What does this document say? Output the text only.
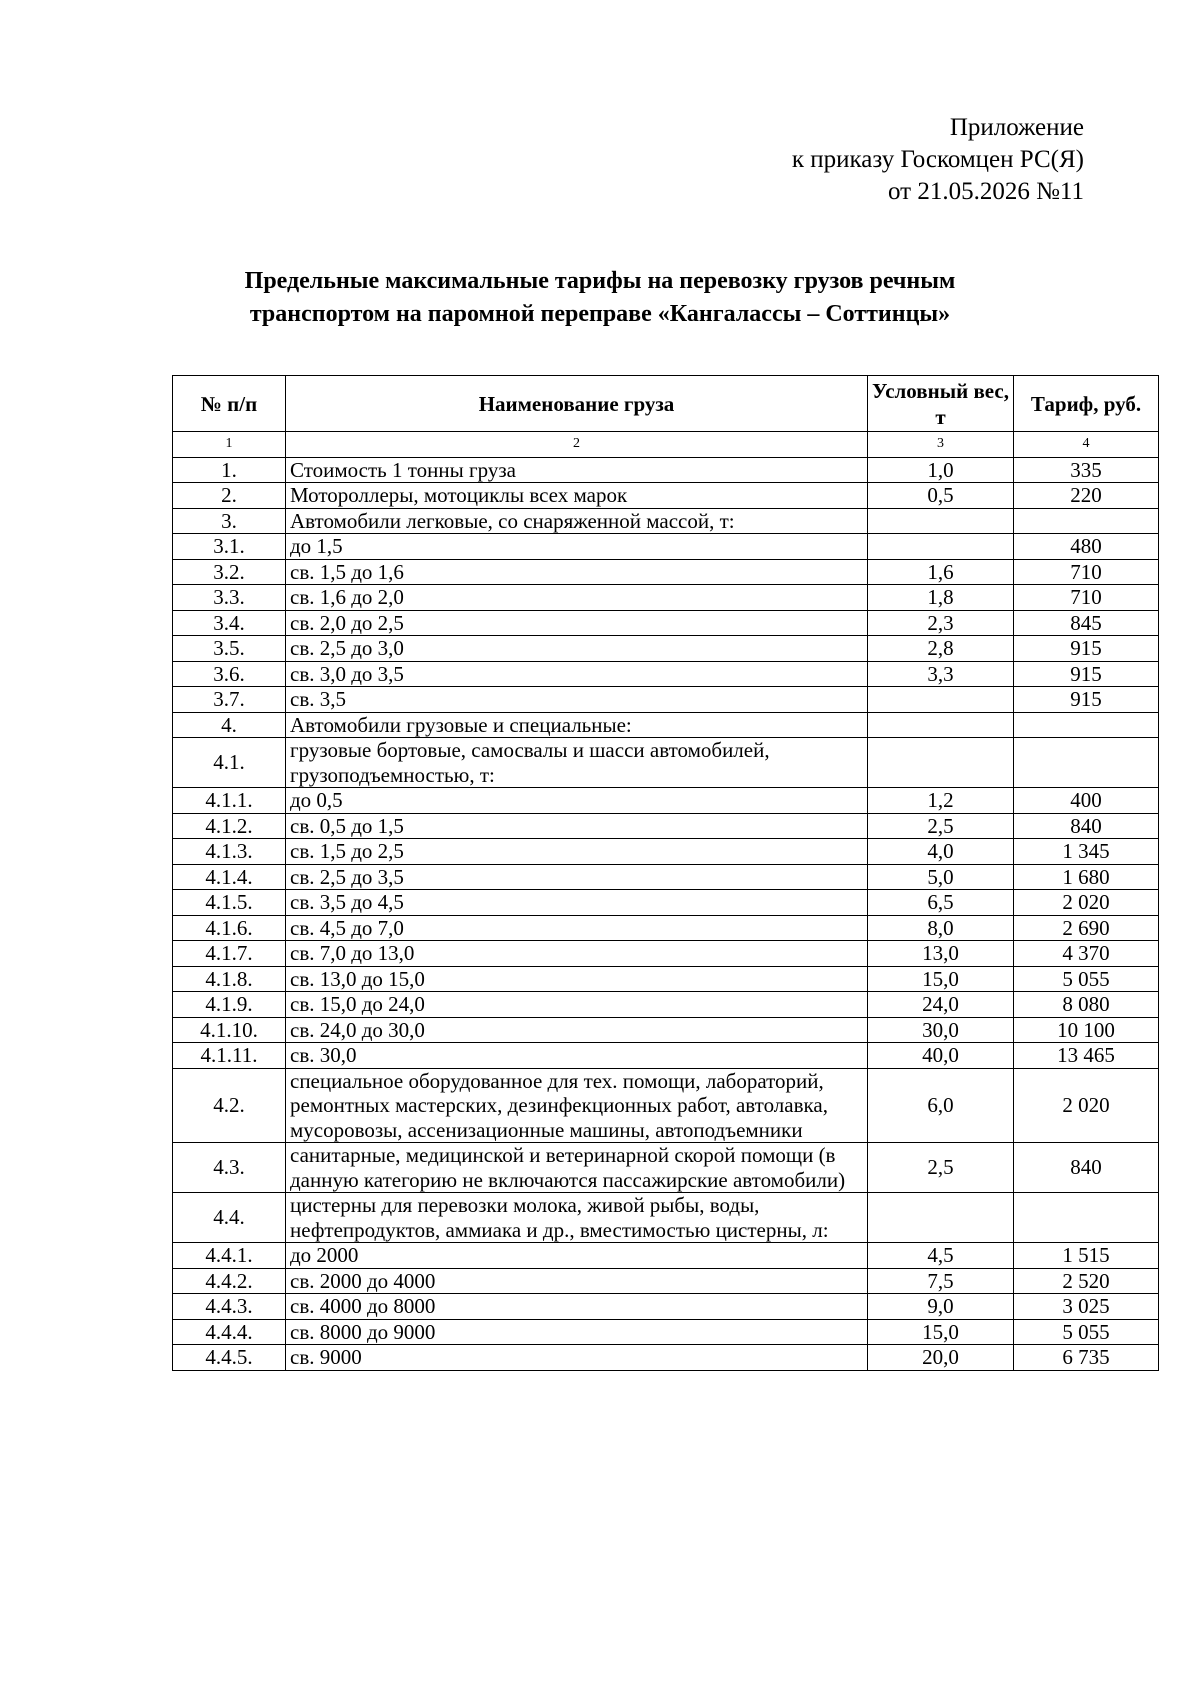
Приложение
к приказу Госкомцен РС(Я)
от 21.05.2026 №11
Предельные максимальные тарифы на перевозку грузов речным
транспортом на паромной переправе «Кангалассы – Соттинцы»
№ п/п	Наименование груза	Условный вес, т	Тариф, руб.
1	2	3	4
1.	Стоимость 1 тонны груза	1,0	335
2.	Мотороллеры, мотоциклы всех марок	0,5	220
3.	Автомобили легковые, со снаряженной массой, т:		
3.1.	до 1,5		480
3.2.	св. 1,5 до 1,6	1,6	710
3.3.	св. 1,6 до 2,0	1,8	710
3.4.	св. 2,0 до 2,5	2,3	845
3.5.	св. 2,5 до 3,0	2,8	915
3.6.	св. 3,0 до 3,5	3,3	915
3.7.	св. 3,5		915
4.	Автомобили грузовые и специальные:		
4.1.	грузовые бортовые, самосвалы и шасси автомобилей, грузоподъемностью, т:		
4.1.1.	до 0,5	1,2	400
4.1.2.	св. 0,5 до 1,5	2,5	840
4.1.3.	св. 1,5 до 2,5	4,0	1 345
4.1.4.	св. 2,5 до 3,5	5,0	1 680
4.1.5.	св. 3,5 до 4,5	6,5	2 020
4.1.6.	св. 4,5 до 7,0	8,0	2 690
4.1.7.	св. 7,0 до 13,0	13,0	4 370
4.1.8.	св. 13,0 до 15,0	15,0	5 055
4.1.9.	св. 15,0 до 24,0	24,0	8 080
4.1.10.	св. 24,0 до 30,0	30,0	10 100
4.1.11.	св. 30,0	40,0	13 465
4.2.	специальное оборудованное для тех. помощи, лабораторий, ремонтных мастерских, дезинфекционных работ, автолавка, мусоровозы, ассенизационные машины, автоподъемники	6,0	2 020
4.3.	санитарные, медицинской и ветеринарной скорой помощи (в данную категорию не включаются пассажирские автомобили)	2,5	840
4.4.	цистерны для перевозки молока, живой рыбы, воды, нефтепродуктов, аммиака и др., вместимостью цистерны, л:		
4.4.1.	до 2000	4,5	1 515
4.4.2.	св. 2000 до 4000	7,5	2 520
4.4.3.	св. 4000 до 8000	9,0	3 025
4.4.4.	св. 8000 до 9000	15,0	5 055
4.4.5.	св. 9000	20,0	6 735
